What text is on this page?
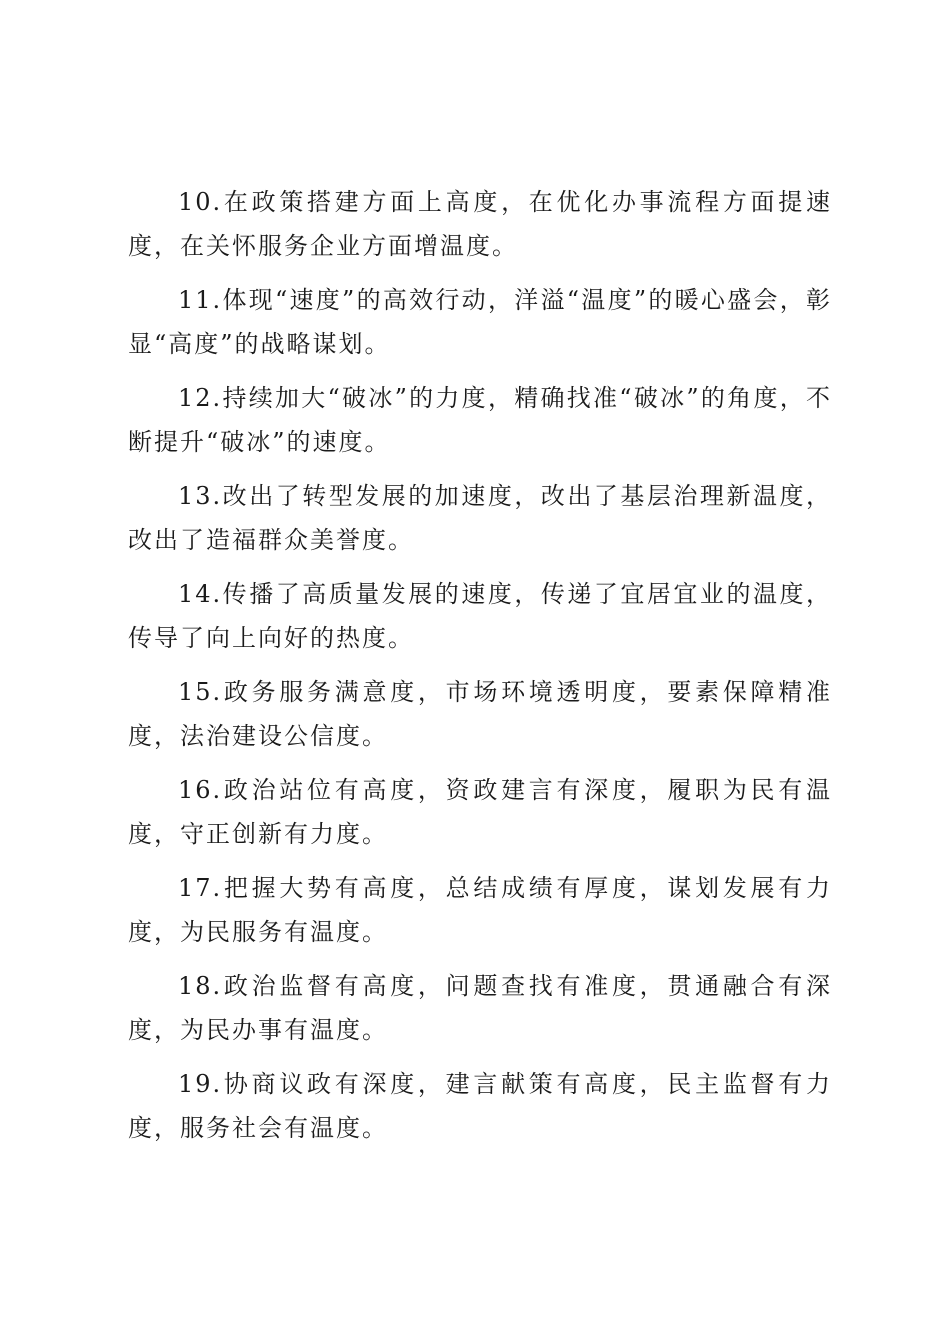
10.在政策搭建方面上高度，在优化办事流程方面提速度，在关怀服务企业方面增温度。

11.体现“速度”的高效行动，洋溢“温度”的暖心盛会，彰显“高度”的战略谋划。

12.持续加大“破冰”的力度，精确找准“破冰”的角度，不断提升“破冰”的速度。

13.改出了转型发展的加速度，改出了基层治理新温度，改出了造福群众美誉度。

14.传播了高质量发展的速度，传递了宜居宜业的温度，传导了向上向好的热度。

15.政务服务满意度，市场环境透明度，要素保障精准度，法治建设公信度。

16.政治站位有高度，资政建言有深度，履职为民有温度，守正创新有力度。

17.把握大势有高度，总结成绩有厚度，谋划发展有力度，为民服务有温度。

18.政治监督有高度，问题查找有准度，贯通融合有深度，为民办事有温度。

19.协商议政有深度，建言献策有高度，民主监督有力度，服务社会有温度。
